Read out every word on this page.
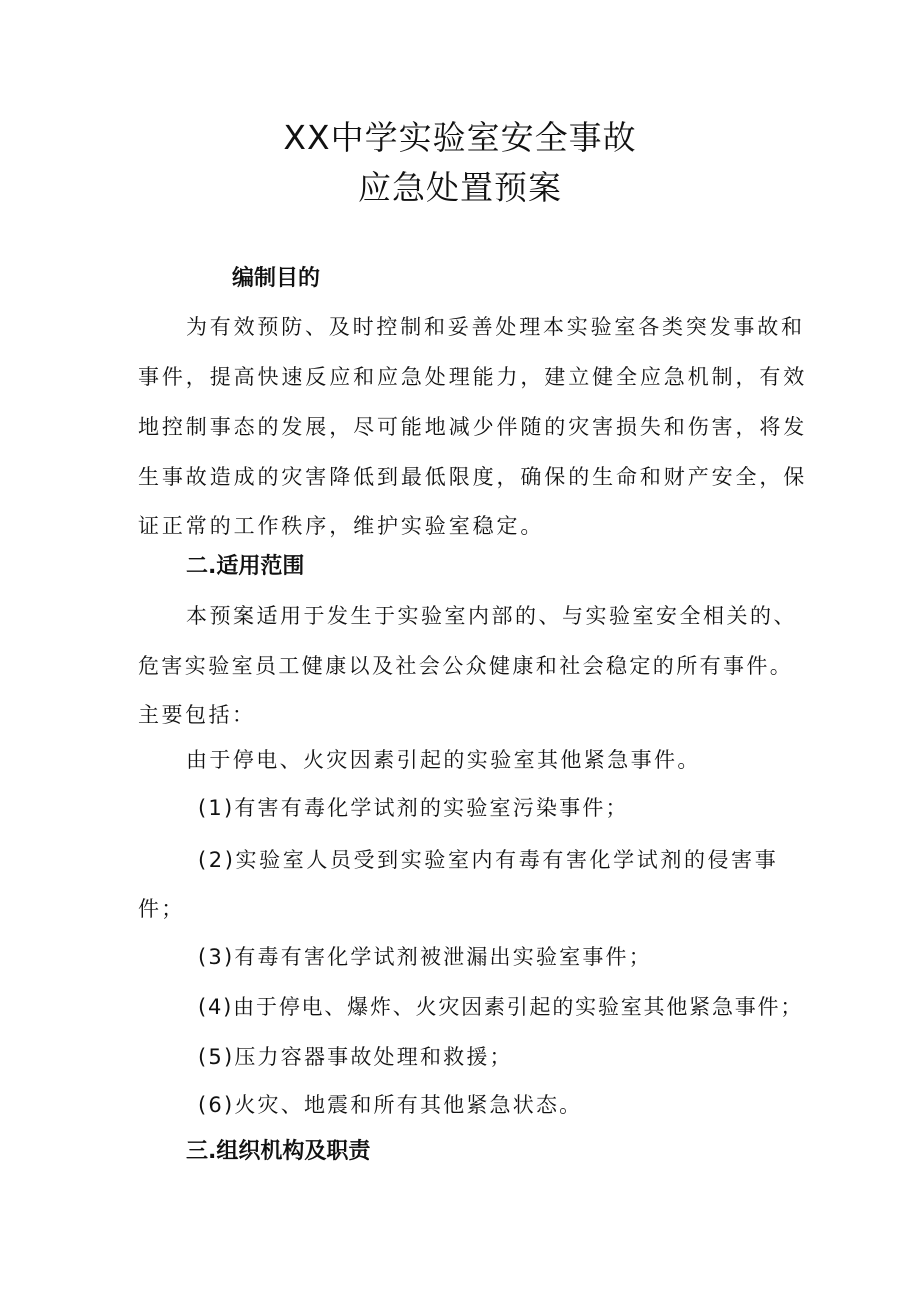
XX中学实验室安全事故
应急处置预案
编制目的
为有效预防、及时控制和妥善处理本实验室各类突发事故和
事件，提高快速反应和应急处理能力，建立健全应急机制，有效
地控制事态的发展，尽可能地减少伴随的灾害损失和伤害，将发
生事故造成的灾害降低到最低限度，确保的生命和财产安全，保
证正常的工作秩序，维护实验室稳定。
二.适用范围
本预案适用于发生于实验室内部的、与实验室安全相关的、
危害实验室员工健康以及社会公众健康和社会稳定的所有事件。
主要包括：
由于停电、火灾因素引起的实验室其他紧急事件。
(1)有害有毒化学试剂的实验室污染事件；
(2)实验室人员受到实验室内有毒有害化学试剂的侵害事
件；
(3)有毒有害化学试剂被泄漏出实验室事件；
(4)由于停电、爆炸、火灾因素引起的实验室其他紧急事件；
(5)压力容器事故处理和救援；
(6)火灾、地震和所有其他紧急状态。
三.组织机构及职责
